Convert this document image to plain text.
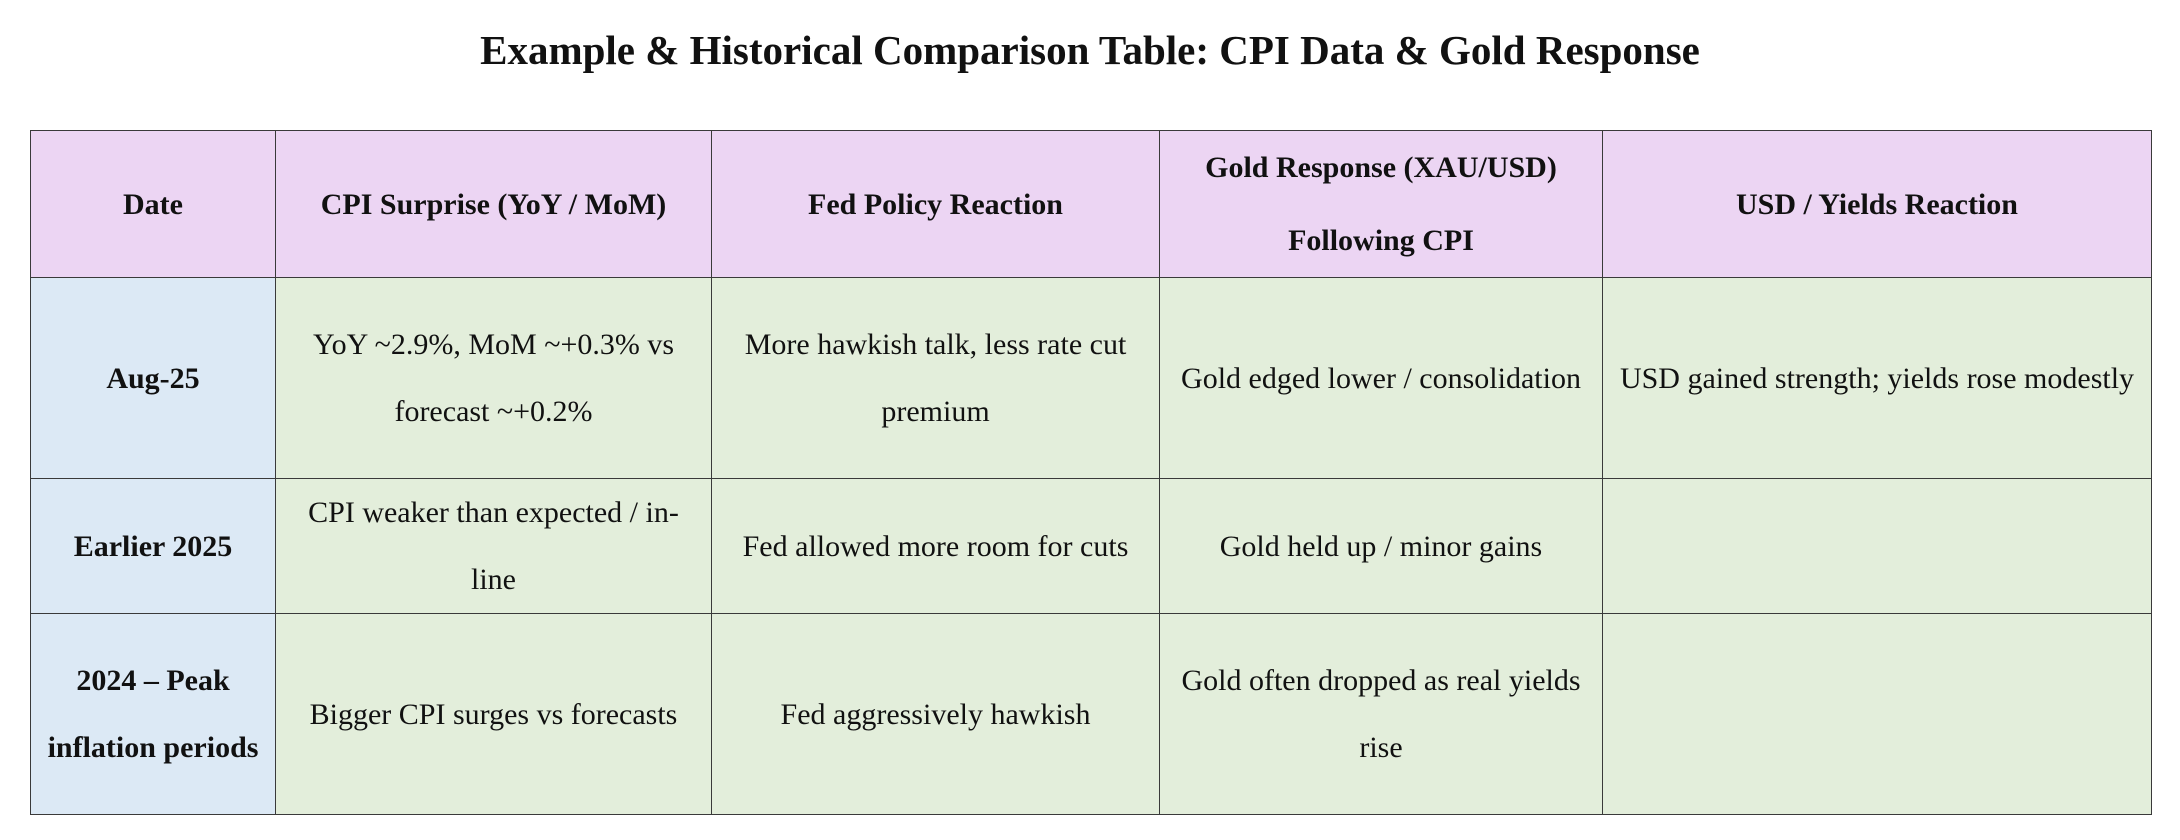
Example & Historical Comparison Table: CPI Data & Gold Response
Date	CPI Surprise (YoY / MoM)	Fed Policy Reaction	Gold Response (XAU/USD) Following CPI	USD / Yields Reaction
Aug-25	YoY ~2.9%, MoM ~+0.3% vs forecast ~+0.2%	More hawkish talk, less rate cut premium	Gold edged lower / consolidation	USD gained strength; yields rose modestly
Earlier 2025	CPI weaker than expected / in-line	Fed allowed more room for cuts	Gold held up / minor gains	
2024 – Peak inflation periods	Bigger CPI surges vs forecasts	Fed aggressively hawkish	Gold often dropped as real yields rise	
